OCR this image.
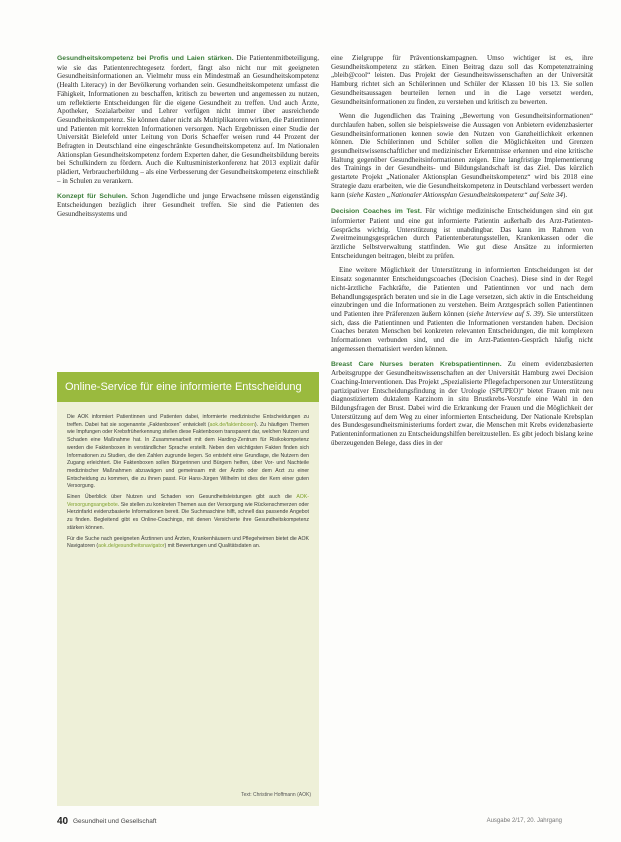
Gesundheitskompetenz bei Profis und Laien stärken. Die Patientenmitbeteiligung, wie sie das Patientenrechtegesetz fordert, fängt also nicht nur mit geeigneten Gesundheitsinformationen an. Vielmehr muss ein Mindestmaß an Gesundheitskompetenz (Health Literacy) in der Bevölkerung vorhanden sein. Gesundheitskompetenz umfasst die Fähigkeit, Informationen zu beschaffen, kritisch zu bewerten und angemessen zu nutzen, um reflektierte Entscheidungen für die eigene Gesundheit zu treffen. Und auch Ärzte, Apotheker, Sozialarbeiter und Lehrer verfügen nicht immer über ausreichende Gesundheitskompetenz. Sie können daher nicht als Multiplikatoren wirken, die Patientinnen und Patienten mit korrekten Informationen versorgen. Nach Ergebnissen einer Studie der Universität Bielefeld unter Leitung von Doris Schaeffer weisen rund 44 Prozent der Befragten in Deutschland eine eingeschränkte Gesundheitskompetenz auf. Im Nationalen Aktionsplan Gesundheitskompetenz fordern Experten daher, die Gesundheitsbildung bereits bei Schulkindern zu fördern. Auch die Kultusministerkonferenz hat 2013 explizit dafür plädiert, Verbraucherbildung – als eine Verbesserung der Gesundheitskompetenz einschließt – in Schulen zu verankern.

Konzept für Schulen. Schon Jugendliche und junge Erwachsene müssen eigenständig Entscheidungen bezüglich ihrer Gesundheit treffen. Sie sind die Patienten des Gesundheitssystems und

Online-Service für eine informierte Entscheidung

Die AOK informiert Patientinnen und Patienten dabei, informierte medizinische Entscheidungen zu treffen. Dabei hat sie sogenannte „Faktenboxen“ entwickelt (aok.de/faktenboxen). Zu häufigen Themen wie Impfungen oder Krebsfrüherkennung stellen diese Faktenboxen transparent dar, welchen Nutzen und Schaden eine Maßnahme hat. In Zusammenarbeit mit dem Harding-Zentrum für Risikokompetenz werden die Faktenboxen in verständlicher Sprache erstellt. Neben den wichtigsten Fakten finden sich Informationen zu Studien, die den Zahlen zugrunde liegen. So entsteht eine Grundlage, die Nutzern den Zugang erleichtert. Die Faktenboxen sollen Bürgerinnen und Bürgern helfen, über Vor- und Nachteile medizinischer Maßnahmen abzuwägen und gemeinsam mit der Ärztin oder dem Arzt zu einer Entscheidung zu kommen, die zu ihnen passt. Für Hans-Jürgen Wilhelm ist dies der Kern einer guten Versorgung.

Einen Überblick über Nutzen und Schaden von Gesundheitsleistungen gibt auch die AOK-Versorgungsangebote. Sie stellen zu konkreten Themen aus der Versorgung wie Rückenschmerzen oder Herzinfarkt evidenzbasierte Informationen bereit. Die Suchmaschine hilft, schnell das passende Angebot zu finden. Begleitend gibt es Online-Coachings, mit denen Versicherte ihre Gesundheitskompetenz stärken können.

Für die Suche nach geeigneten Ärztinnen und Ärzten, Krankenhäusern und Pflegeheimen bietet die AOK Navigatoren (aok.de/gesundheitsnavigator) mit Bewertungen und Qualitätsdaten an.

Text: Christine Hoffmann (AOK)

eine Zielgruppe für Präventionskampagnen. Umso wichtiger ist es, ihre Gesundheitskompetenz zu stärken. Einen Beitrag dazu soll das Kompetenztraining „bleib@cool“ leisten. Das Projekt der Gesundheitswissenschaften an der Universität Hamburg richtet sich an Schülerinnen und Schüler der Klassen 10 bis 13. Sie sollen Gesundheitsaussagen beurteilen lernen und in die Lage versetzt werden, Gesundheitsinformationen zu finden, zu verstehen und kritisch zu bewerten.

Wenn die Jugendlichen das Training „Bewertung von Gesundheitsinformationen“ durchlaufen haben, sollen sie beispielsweise die Aussagen von Anbietern evidenzbasierter Gesundheitsinformationen kennen sowie den Nutzen von Ganzheitlichkeit erkennen können. Die Schülerinnen und Schüler sollen die Möglichkeiten und Grenzen gesundheitswissenschaftlicher und medizinischer Erkenntnisse erkennen und eine kritische Haltung gegenüber Gesundheitsinformationen zeigen. Eine langfristige Implementierung des Trainings in der Gesundheits- und Bildungslandschaft ist das Ziel. Das kürzlich gestartete Projekt „Nationaler Aktionsplan Gesundheitskompetenz“ wird bis 2018 eine Strategie dazu erarbeiten, wie die Gesundheitskompetenz in Deutschland verbessert werden kann (siehe Kasten „Nationaler Aktionsplan Gesundheitskompetenz“ auf Seite 34).

Decision Coaches im Test. Für wichtige medizinische Entscheidungen sind ein gut informierter Patient und eine gut informierte Patientin außerhalb des Arzt-Patienten-Gesprächs wichtig. Unterstützung ist unabdingbar. Das kann im Rahmen von Zweitmeinungsgesprächen durch Patientenberatungsstellen, Krankenkassen oder die ärztliche Selbstverwaltung stattfinden. Wie gut diese Ansätze zu informierten Entscheidungen beitragen, bleibt zu prüfen.

Eine weitere Möglichkeit der Unterstützung in informierten Entscheidungen ist der Einsatz sogenannter Entscheidungscoaches (Decision Coaches). Diese sind in der Regel nicht-ärztliche Fachkräfte, die Patienten und Patientinnen vor und nach dem Behandlungsgespräch beraten und sie in die Lage versetzen, sich aktiv in die Entscheidung einzubringen und die Informationen zu verstehen. Beim Arztgespräch sollen Patientinnen und Patienten ihre Präferenzen äußern können (siehe Interview auf S. 39). Sie unterstützen sich, dass die Patientinnen und Patienten die Informationen verstanden haben. Decision Coaches beraten Menschen bei konkreten relevanten Entscheidungen, die mit komplexen Informationen verbunden sind, und die im Arzt-Patienten-Gespräch häufig nicht angemessen thematisiert werden können.

Breast Care Nurses beraten Krebspatientinnen. Zu einem evidenzbasierten Arbeitsgruppe der Gesundheitswissenschaften an der Universität Hamburg zwei Decision Coaching-Interventionen. Das Projekt „Spezialisierte Pflegefachpersonen zur Unterstützung partizipativer Entscheidungsfindung in der Urologie (SPUPEO)“ bietet Frauen mit neu diagnostiziertem duktalem Karzinom in situ Brustkrebs-Vorstufe eine Wahl in den Bildungsfragen der Brust. Dabei wird die Erkrankung der Frauen und die Möglichkeit der Unterstützung auf dem Weg zu einer informierten Entscheidung. Der Nationale Krebsplan des Bundesgesundheitsministeriums fordert zwar, die Menschen mit Krebs evidenzbasierte Patienteninformationen zu Entscheidungshilfen bereitzustellen. Es gibt jedoch bislang keine überzeugenden Belege, dass dies in der

40 Gesundheit und Gesellschaft	Ausgabe 2/17, 20. Jahrgang
